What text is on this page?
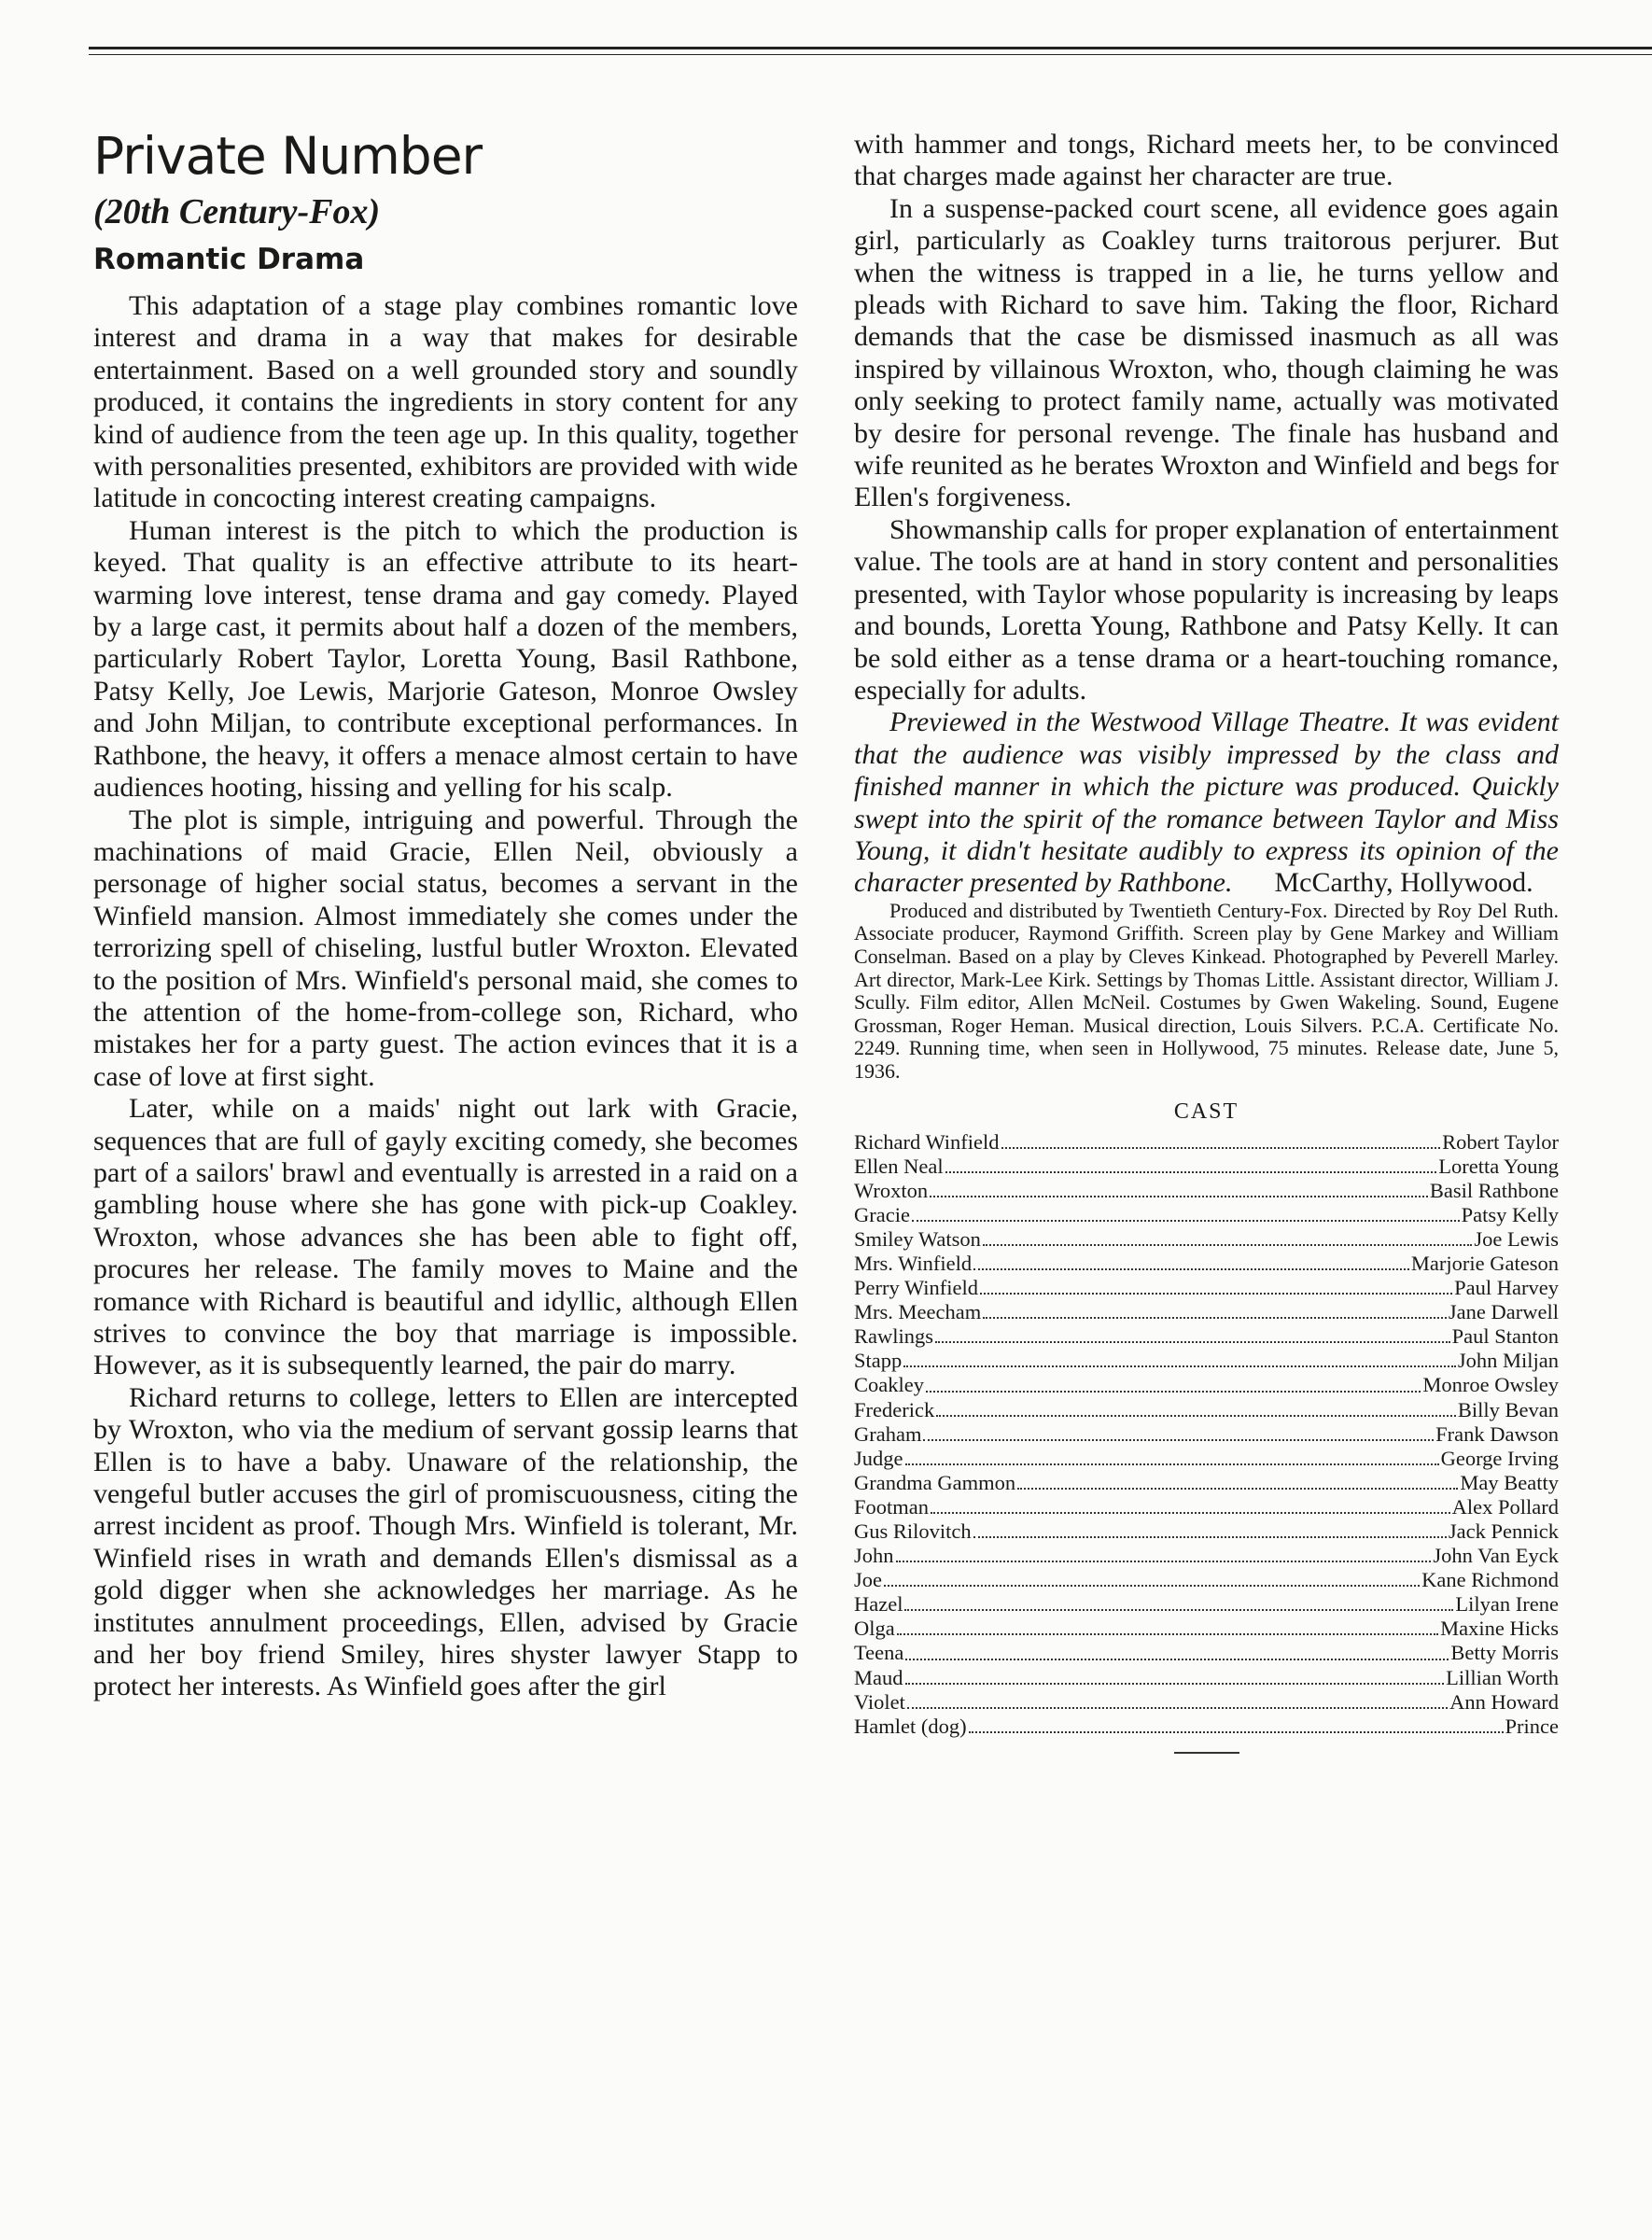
Private Number
(20th Century-Fox)
Romantic Drama

This adaptation of a stage play combines romantic love interest and drama in a way that makes for desirable entertainment. Based on a well grounded story and soundly produced, it contains the ingredients in story content for any kind of audience from the teen age up. In this quality, together with personalities presented, exhibitors are provided with wide latitude in concocting interest creating campaigns.

Human interest is the pitch to which the production is keyed. That quality is an effective attribute to its heart-warming love interest, tense drama and gay comedy. Played by a large cast, it permits about half a dozen of the members, particularly Robert Taylor, Loretta Young, Basil Rathbone, Patsy Kelly, Joe Lewis, Marjorie Gateson, Monroe Owsley and John Miljan, to contribute exceptional performances. In Rathbone, the heavy, it offers a menace almost certain to have audiences hooting, hissing and yelling for his scalp.

The plot is simple, intriguing and powerful. Through the machinations of maid Gracie, Ellen Neil, obviously a personage of higher social status, becomes a servant in the Winfield mansion. Almost immediately she comes under the terrorizing spell of chiseling, lustful butler Wroxton. Elevated to the position of Mrs. Winfield's personal maid, she comes to the attention of the home-from-college son, Richard, who mistakes her for a party guest. The action evinces that it is a case of love at first sight.

Later, while on a maids' night out lark with Gracie, sequences that are full of gayly exciting comedy, she becomes part of a sailors' brawl and eventually is arrested in a raid on a gambling house where she has gone with pick-up Coakley. Wroxton, whose advances she has been able to fight off, procures her release. The family moves to Maine and the romance with Richard is beautiful and idyllic, although Ellen strives to convince the boy that marriage is impossible. However, as it is subsequently learned, the pair do marry.

Richard returns to college, letters to Ellen are intercepted by Wroxton, who via the medium of servant gossip learns that Ellen is to have a baby. Unaware of the relationship, the vengeful butler accuses the girl of promiscuousness, citing the arrest incident as proof. Though Mrs. Winfield is tolerant, Mr. Winfield rises in wrath and demands Ellen's dismissal as a gold digger when she acknowledges her marriage. As he institutes annulment proceedings, Ellen, advised by Gracie and her boy friend Smiley, hires shyster lawyer Stapp to protect her interests. As Winfield goes after the girl

with hammer and tongs, Richard meets her, to be convinced that charges made against her character are true.

In a suspense-packed court scene, all evidence goes again girl, particularly as Coakley turns traitorous perjurer. But when the witness is trapped in a lie, he turns yellow and pleads with Richard to save him. Taking the floor, Richard demands that the case be dismissed inasmuch as all was inspired by villainous Wroxton, who, though claiming he was only seeking to protect family name, actually was motivated by desire for personal revenge. The finale has husband and wife reunited as he berates Wroxton and Winfield and begs for Ellen's forgiveness.

Showmanship calls for proper explanation of entertainment value. The tools are at hand in story content and personalities presented, with Taylor whose popularity is increasing by leaps and bounds, Loretta Young, Rathbone and Patsy Kelly. It can be sold either as a tense drama or a heart-touching romance, especially for adults.

Previewed in the Westwood Village Theatre. It was evident that the audience was visibly impressed by the class and finished manner in which the picture was produced. Quickly swept into the spirit of the romance between Taylor and Miss Young, it didn't hesitate audibly to express its opinion of the character presented by Rathbone. McCarthy, Hollywood.

Produced and distributed by Twentieth Century-Fox. Directed by Roy Del Ruth. Associate producer, Raymond Griffith. Screen play by Gene Markey and William Conselman. Based on a play by Cleves Kinkead. Photographed by Peverell Marley. Art director, Mark-Lee Kirk. Settings by Thomas Little. Assistant director, William J. Scully. Film editor, Allen McNeil. Costumes by Gwen Wakeling. Sound, Eugene Grossman, Roger Heman. Musical direction, Louis Silvers. P.C.A. Certificate No. 2249. Running time, when seen in Hollywood, 75 minutes. Release date, June 5, 1936.

CAST
Richard Winfield	Robert Taylor
Ellen Neal	Loretta Young
Wroxton	Basil Rathbone
Gracie	Patsy Kelly
Smiley Watson	Joe Lewis
Mrs. Winfield	Marjorie Gateson
Perry Winfield	Paul Harvey
Mrs. Meecham	Jane Darwell
Rawlings	Paul Stanton
Stapp	John Miljan
Coakley	Monroe Owsley
Frederick	Billy Bevan
Graham	Frank Dawson
Judge	George Irving
Grandma Gammon	May Beatty
Footman	Alex Pollard
Gus Rilovitch	Jack Pennick
John	John Van Eyck
Joe	Kane Richmond
Hazel	Lilyan Irene
Olga	Maxine Hicks
Teena	Betty Morris
Maud	Lillian Worth
Violet	Ann Howard
Hamlet (dog)	Prince
